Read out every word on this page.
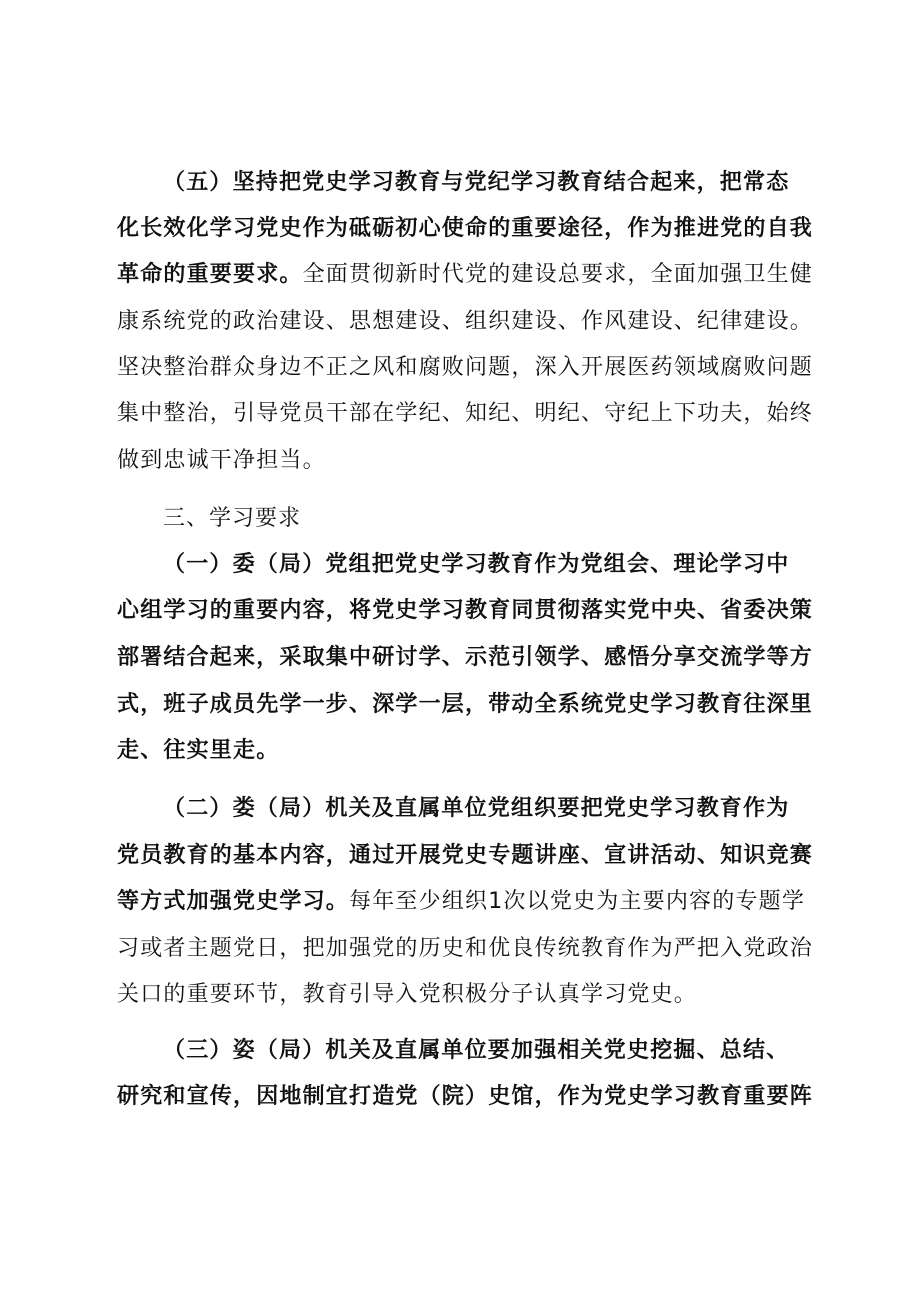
（五）坚持把党史学习教育与党纪学习教育结合起来，把常态
化长效化学习党史作为砥砺初心使命的重要途径，作为推进党的自我
革命的重要要求。全面贯彻新时代党的建设总要求，全面加强卫生健
康系统党的政治建设、思想建设、组织建设、作风建设、纪律建设。
坚决整治群众身边不正之风和腐败问题，深入开展医药领域腐败问题
集中整治，引导党员干部在学纪、知纪、明纪、守纪上下功夫，始终
做到忠诚干净担当。
三、学习要求
（一）委（局）党组把党史学习教育作为党组会、理论学习中
心组学习的重要内容，将党史学习教育同贯彻落实党中央、省委决策
部署结合起来，采取集中研讨学、示范引领学、感悟分享交流学等方
式，班子成员先学一步、深学一层，带动全系统党史学习教育往深里
走、往实里走。
（二）娄（局）机关及直属单位党组织要把党史学习教育作为
党员教育的基本内容，通过开展党史专题讲座、宣讲活动、知识竞赛
等方式加强党史学习。每年至少组织1次以党史为主要内容的专题学
习或者主题党日，把加强党的历史和优良传统教育作为严把入党政治
关口的重要环节，教育引导入党积极分子认真学习党史。
（三）姿（局）机关及直属单位要加强相关党史挖掘、总结、
研究和宣传，因地制宜打造党（院）史馆，作为党史学习教育重要阵
